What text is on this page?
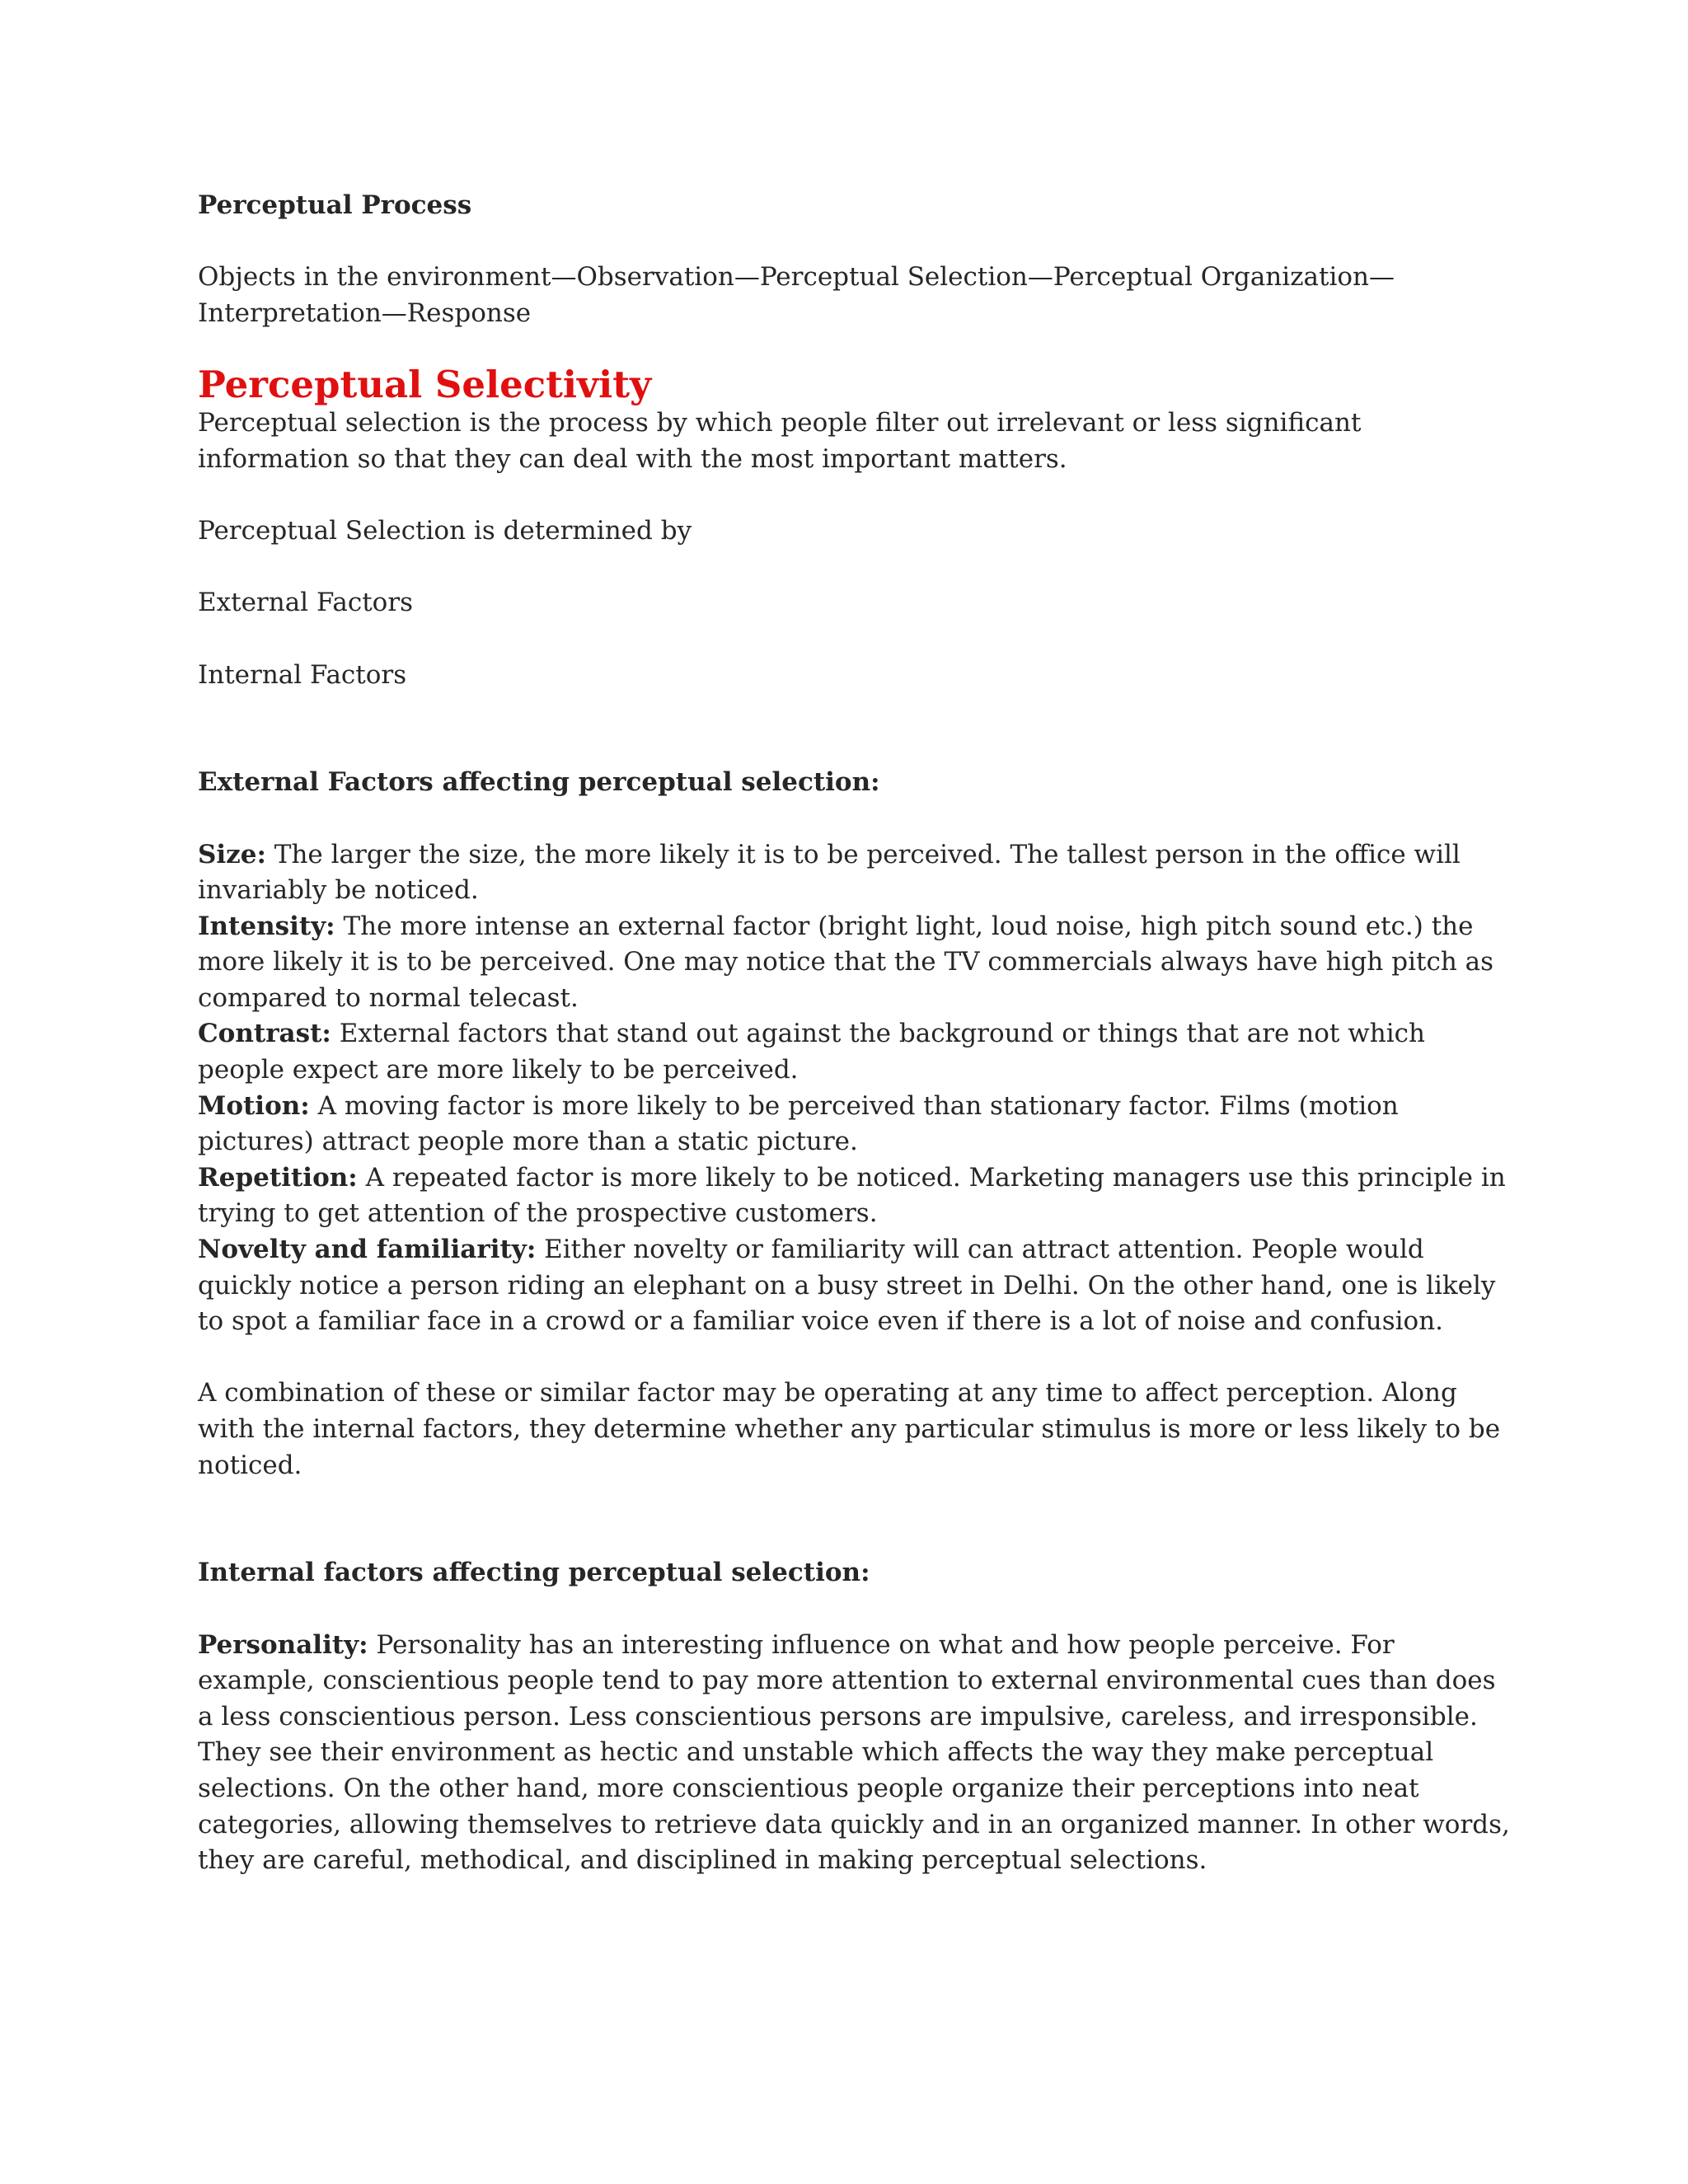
Perceptual Process

Objects in the environment—Observation—Perceptual Selection—Perceptual Organization—Interpretation—Response

Perceptual Selectivity

Perceptual selection is the process by which people filter out irrelevant or less significant information so that they can deal with the most important matters.

Perceptual Selection is determined by

External Factors

Internal Factors

External Factors affecting perceptual selection:

Size: The larger the size, the more likely it is to be perceived. The tallest person in the office will invariably be noticed.

Intensity: The more intense an external factor (bright light, loud noise, high pitch sound etc.) the more likely it is to be perceived. One may notice that the TV commercials always have high pitch as compared to normal telecast.

Contrast: External factors that stand out against the background or things that are not which people expect are more likely to be perceived.

Motion: A moving factor is more likely to be perceived than stationary factor. Films (motion pictures) attract people more than a static picture.

Repetition: A repeated factor is more likely to be noticed. Marketing managers use this principle in trying to get attention of the prospective customers.

Novelty and familiarity: Either novelty or familiarity will can attract attention. People would quickly notice a person riding an elephant on a busy street in Delhi. On the other hand, one is likely to spot a familiar face in a crowd or a familiar voice even if there is a lot of noise and confusion.

A combination of these or similar factor may be operating at any time to affect perception. Along with the internal factors, they determine whether any particular stimulus is more or less likely to be noticed.

Internal factors affecting perceptual selection:

Personality: Personality has an interesting influence on what and how people perceive. For example, conscientious people tend to pay more attention to external environmental cues than does a less conscientious person. Less conscientious persons are impulsive, careless, and irresponsible. They see their environment as hectic and unstable which affects the way they make perceptual selections. On the other hand, more conscientious people organize their perceptions into neat categories, allowing themselves to retrieve data quickly and in an organized manner. In other words, they are careful, methodical, and disciplined in making perceptual selections.
